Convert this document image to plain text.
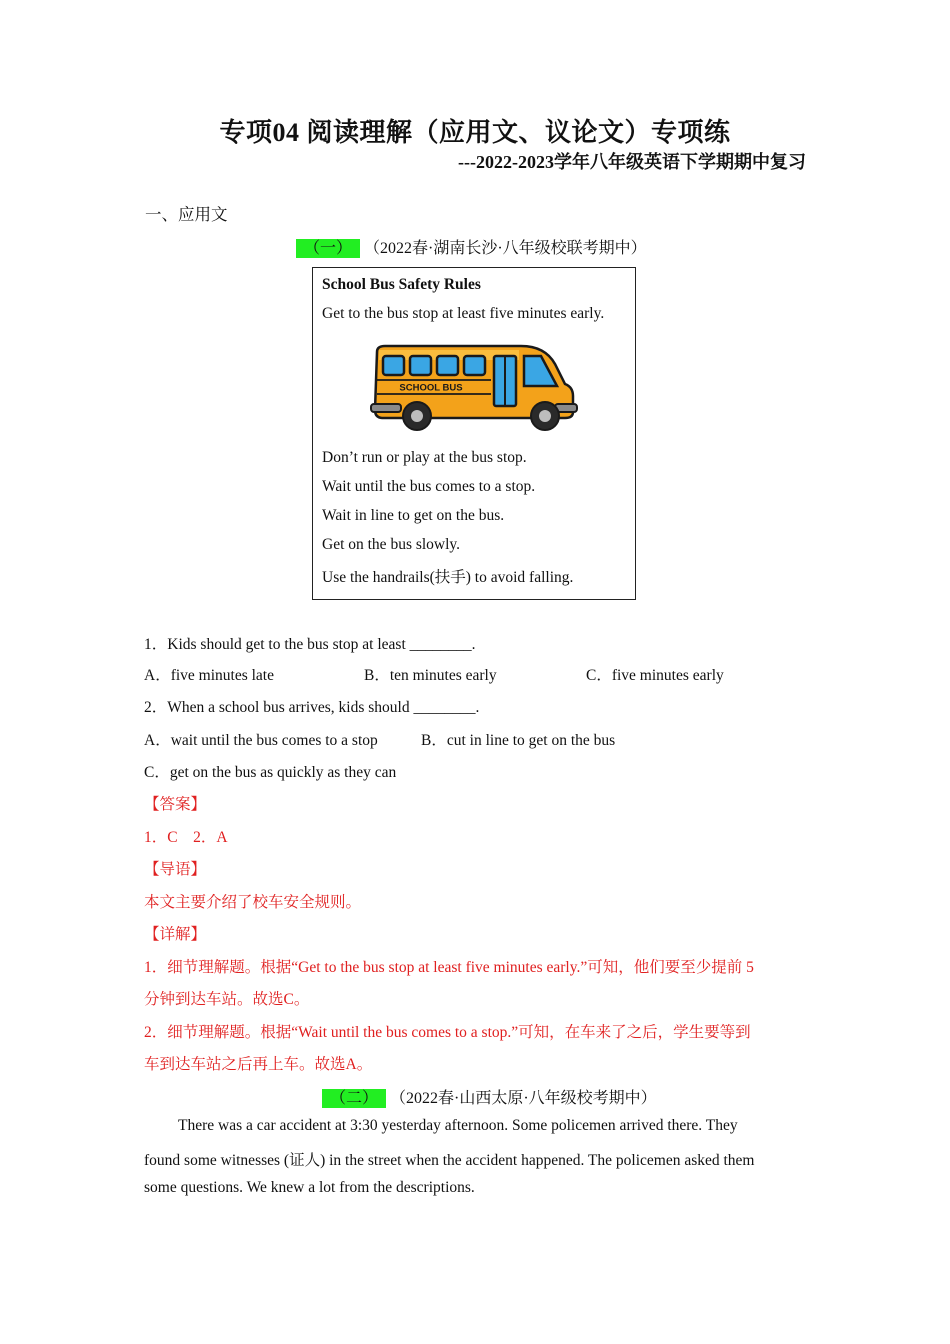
专项04 阅读理解（应用文、议论文）专项练
---2022-2023学年八年级英语下学期期中复习
一、应用文
（一） （2022春·湖南长沙·八年级校联考期中）
School Bus Safety Rules
Get to the bus stop at least five minutes early.
SCHOOL BUS
Don’t run or play at the bus stop.
Wait until the bus comes to a stop.
Wait in line to get on the bus.
Get on the bus slowly.
Use the handrails(扶手) to avoid falling.
1．Kids should get to the bus stop at least ________.
A．five minutes late	B．ten minutes early	C．five minutes early
2．When a school bus arrives, kids should ________.
A．wait until the bus comes to a stop	B．cut in line to get on the bus
C．get on the bus as quickly as they can
【答案】
1．C　2．A
【导语】
本文主要介绍了校车安全规则。
【详解】
1．细节理解题。根据“Get to the bus stop at least five minutes early.”可知，他们要至少提前 5
分钟到达车站。故选C。
2．细节理解题。根据“Wait until the bus comes to a stop.”可知，在车来了之后，学生要等到
车到达车站之后再上车。故选A。
（二） （2022春·山西太原·八年级校考期中）
There was a car accident at 3:30 yesterday afternoon. Some policemen arrived there. They
found some witnesses (证人) in the street when the accident happened. The policemen asked them
some questions. We knew a lot from the descriptions.
